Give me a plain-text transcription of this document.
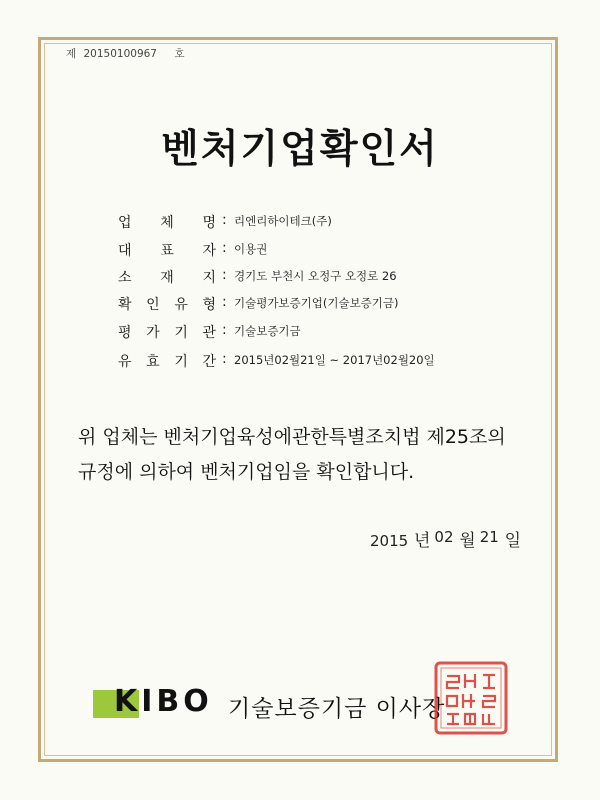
제 20150100967 호
벤처기업확인서
업 체 명 : 리엔리하이테크(주)
대 표 자 : 이용권
소 재 지 : 경기도 부천시 오정구 오정로 26
확 인 유 형 : 기술평가보증기업(기술보증기금)
평 가 기 관 : 기술보증기금
유 효 기 간 : 2015년02월21일 ~ 2017년02월20일
위 업체는 벤처기업육성에관한특별조치법 제25조의
규정에 의하여 벤처기업임을 확인합니다.
2015 년 02 월 21 일
KIBO 기술보증기금 이사장
